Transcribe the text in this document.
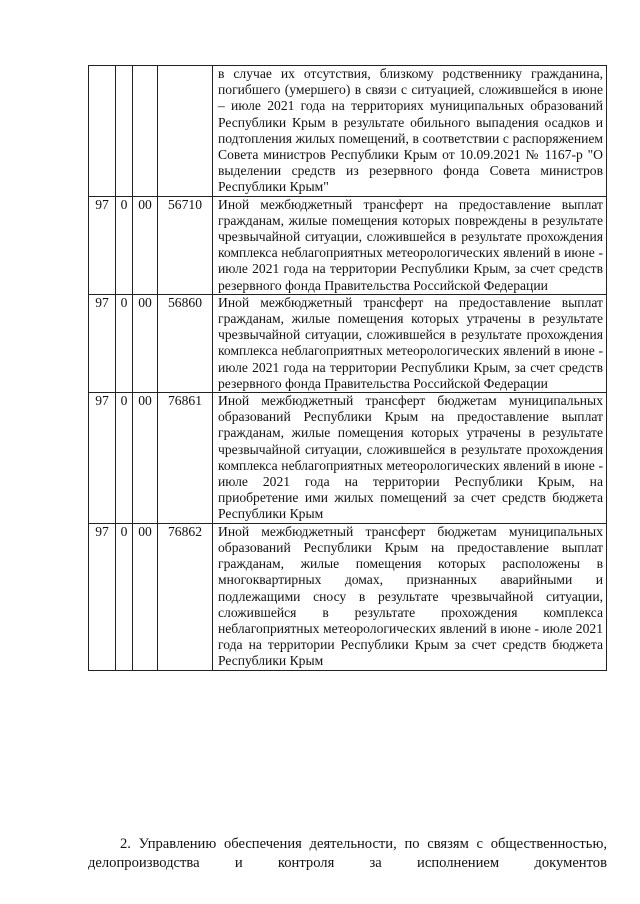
				в случае их отсутствия, близкому родственнику гражданина, погибшего (умершего) в связи с ситуацией, сложившейся в июне – июле 2021 года на территориях муниципальных образований Республики Крым в результате обильного выпадения осадков и подтопления жилых помещений, в соответствии с распоряжением Совета министров Республики Крым от 10.09.2021 № 1167-р "О выделении средств из резервного фонда Совета министров Республики Крым"
97	0	00	56710	Иной межбюджетный трансферт на предоставление выплат гражданам, жилые помещения которых повреждены в результате чрезвычайной ситуации, сложившейся в результате прохождения комплекса неблагоприятных метеорологических явлений в июне - июле 2021 года на территории Республики Крым, за счет средств резервного фонда Правительства Российской Федерации
97	0	00	56860	Иной межбюджетный трансферт на предоставление выплат гражданам, жилые помещения которых утрачены в результате чрезвычайной ситуации, сложившейся в результате прохождения комплекса неблагоприятных метеорологических явлений в июне - июле 2021 года на территории Республики Крым, за счет средств резервного фонда Правительства Российской Федерации
97	0	00	76861	Иной межбюджетный трансферт бюджетам муниципальных образований Республики Крым на предоставление выплат гражданам, жилые помещения которых утрачены в результате чрезвычайной ситуации, сложившейся в результате прохождения комплекса неблагоприятных метеорологических явлений в июне - июле 2021 года на территории Республики Крым, на приобретение ими жилых помещений за счет средств бюджета Республики Крым
97	0	00	76862	Иной межбюджетный трансферт бюджетам муниципальных образований Республики Крым на предоставление выплат гражданам, жилые помещения которых расположены в многоквартирных домах, признанных аварийными и подлежащими сносу в результате чрезвычайной ситуации, сложившейся в результате прохождения комплекса неблагоприятных метеорологических явлений в июне - июле 2021 года на территории Республики Крым за счет средств бюджета Республики Крым

2. Управлению обеспечения деятельности, по связям с общественностью, делопроизводства и контроля за исполнением документов
